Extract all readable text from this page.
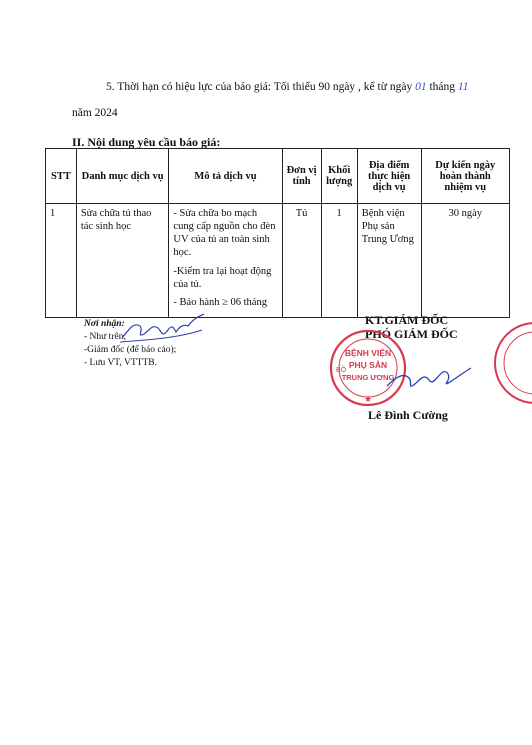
5. Thời hạn có hiệu lực của báo giá: Tối thiểu 90 ngày , kể từ ngày 01 tháng 11
năm 2024
II. Nội dung yêu cầu báo giá:
STT	Danh mục dịch vụ	Mô tả dịch vụ	Đơn vị tính	Khối lượng	Địa điểm thực hiện dịch vụ	Dự kiến ngày hoàn thành nhiệm vụ
1	Sửa chữa tủ thao tác sinh học	- Sửa chữa bo mạch cung cấp nguồn cho đèn UV của tủ an toàn sinh học.

-Kiểm tra lại hoạt động của tủ.

- Bảo hành ≥ 06 tháng	Tủ	1	Bệnh viện Phụ sản Trung Ương	30 ngày
Nơi nhận:
- Như trên;
-Giám đốc (để báo cáo);
- Lưu VT, VTTTB.
KT.GIÁM ĐỐC
PHÓ GIÁM ĐỐC
BỆNH VIỆN
PHỤ SẢN
TRUNG ƯƠNG
BỘ
★
Lê Đình Cường
